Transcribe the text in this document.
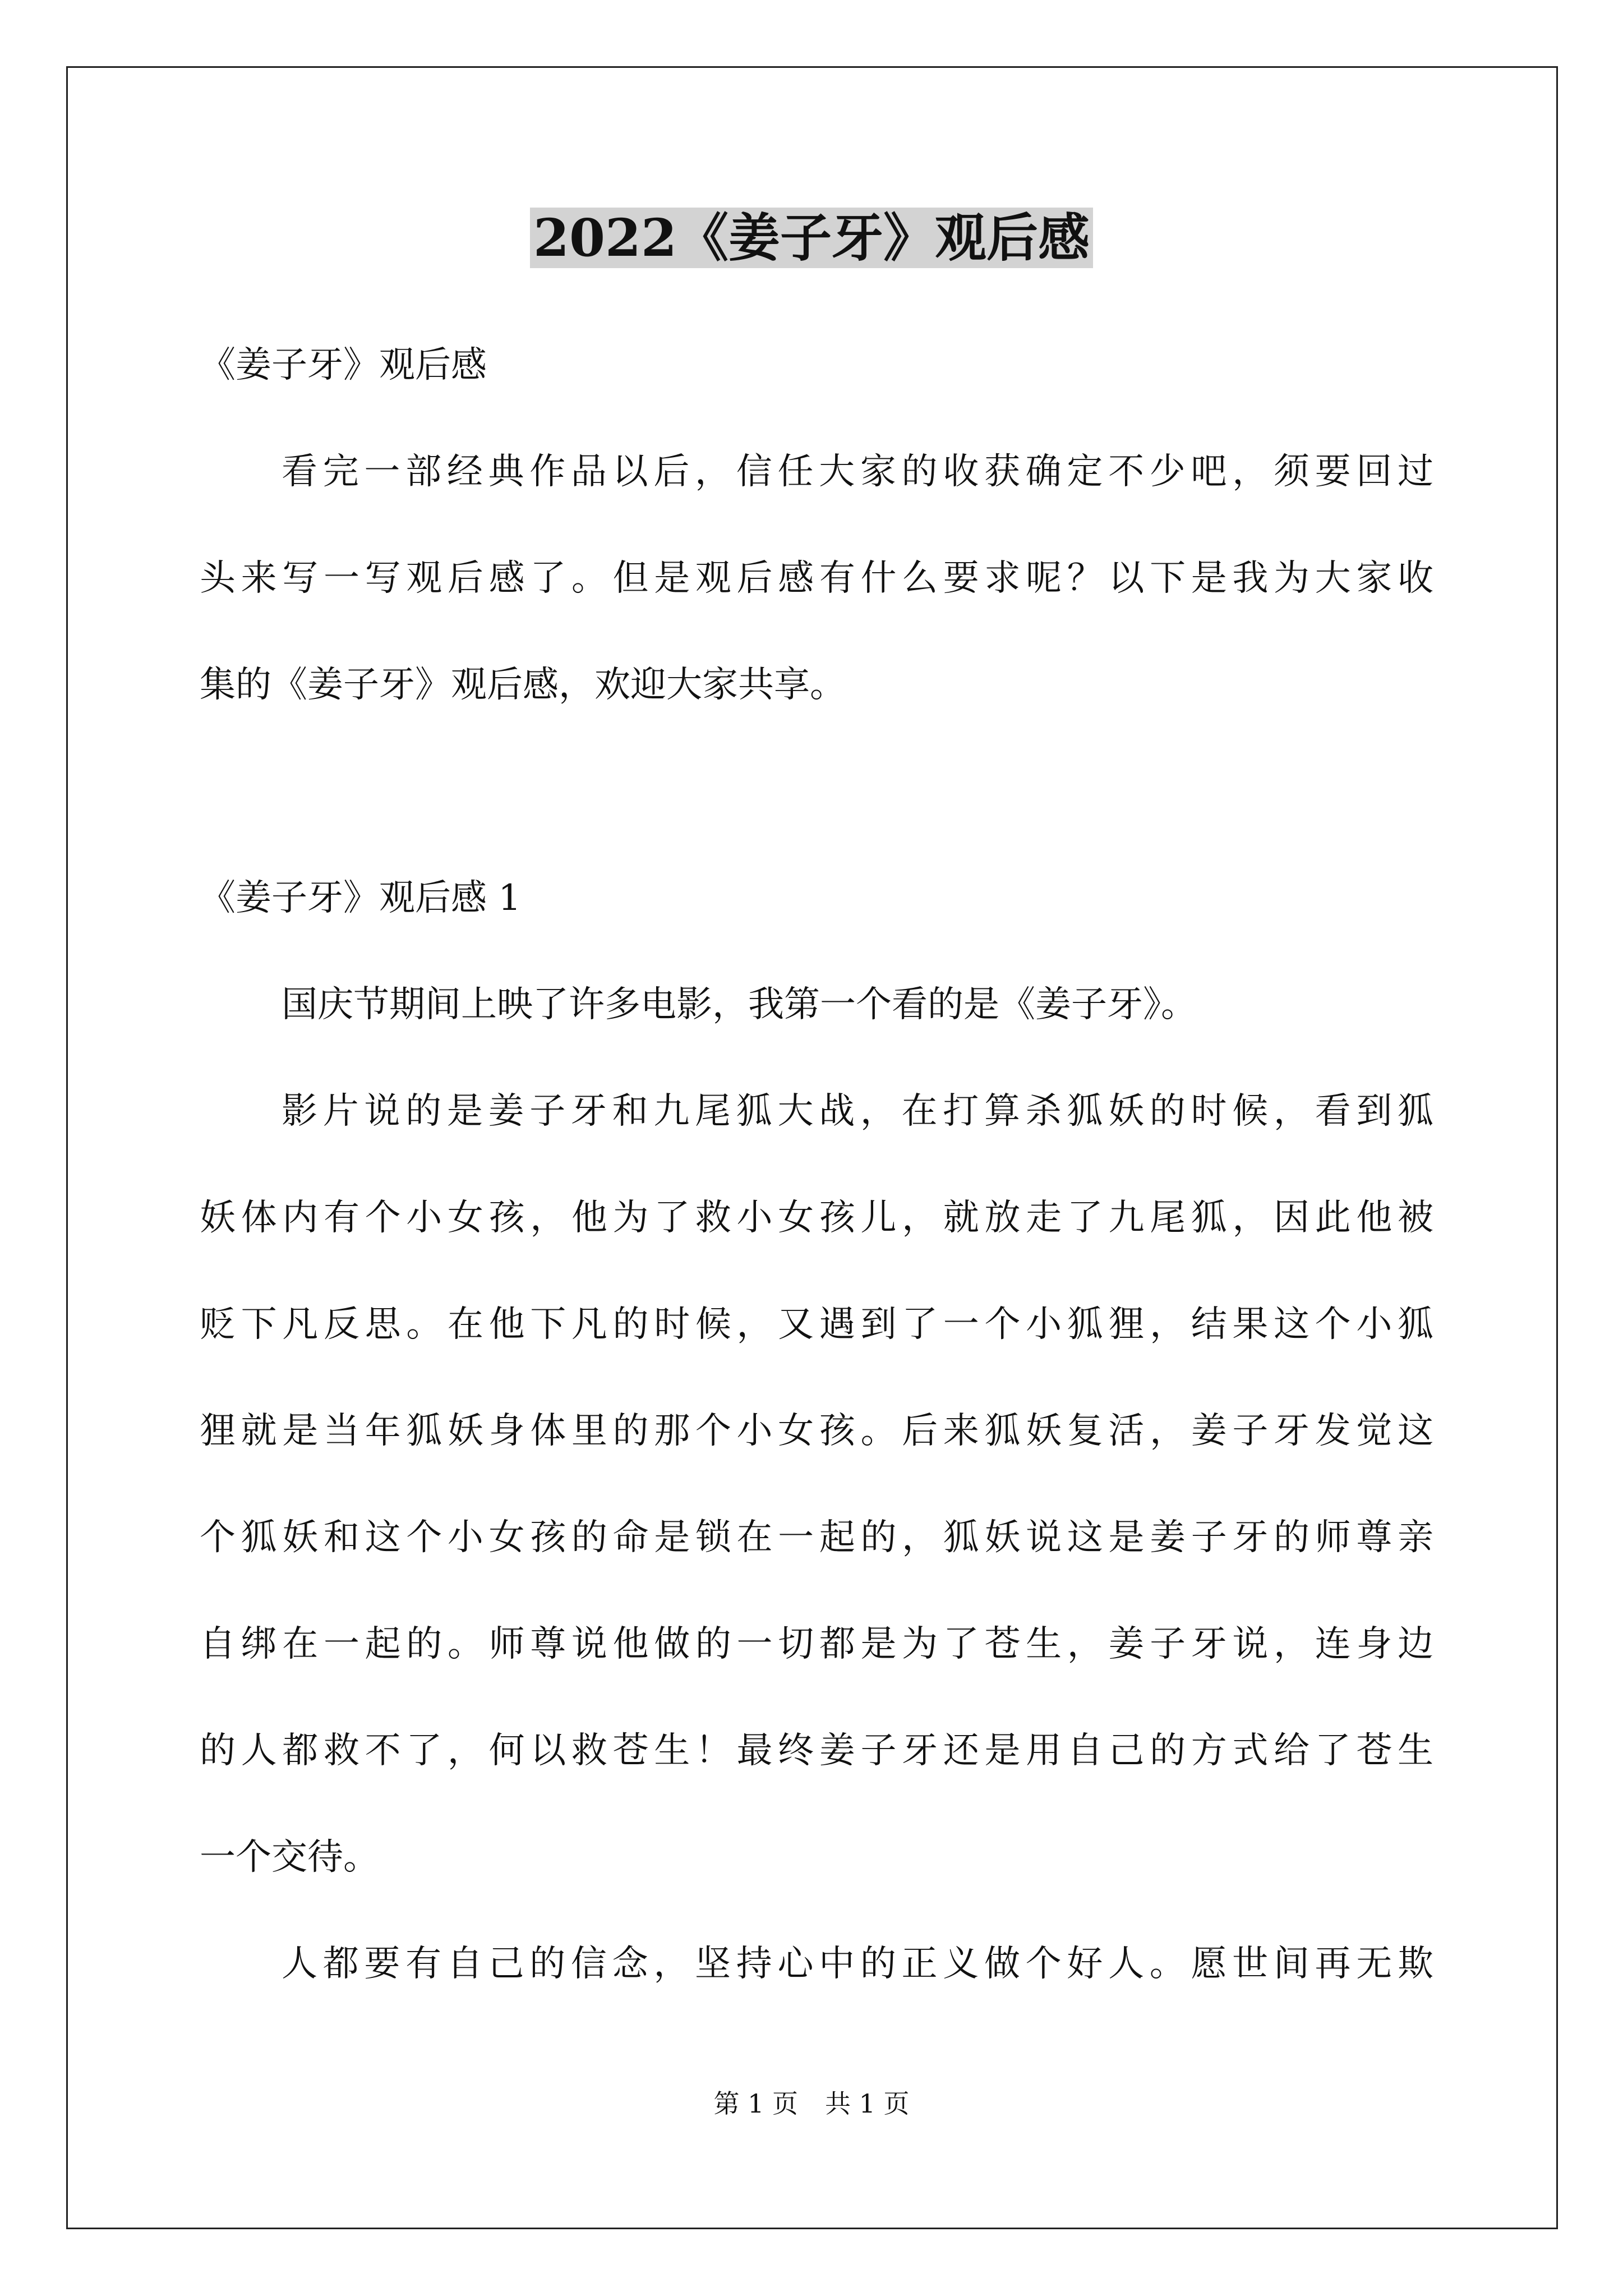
2022《姜子牙》观后感
《姜子牙》观后感
看完一部经典作品以后，信任大家的收获确定不少吧，须要回过
头来写一写观后感了。但是观后感有什么要求呢？以下是我为大家收
集的《姜子牙》观后感，欢迎大家共享。
《姜子牙》观后感 1
国庆节期间上映了许多电影，我第一个看的是《姜子牙》。
影片说的是姜子牙和九尾狐大战，在打算杀狐妖的时候，看到狐
妖体内有个小女孩，他为了救小女孩儿，就放走了九尾狐，因此他被
贬下凡反思。在他下凡的时候，又遇到了一个小狐狸，结果这个小狐
狸就是当年狐妖身体里的那个小女孩。后来狐妖复活，姜子牙发觉这
个狐妖和这个小女孩的命是锁在一起的，狐妖说这是姜子牙的师尊亲
自绑在一起的。师尊说他做的一切都是为了苍生，姜子牙说，连身边
的人都救不了，何以救苍生！最终姜子牙还是用自己的方式给了苍生
一个交待。
人都要有自己的信念，坚持心中的正义做个好人。愿世间再无欺
第 1 页 共 1 页
